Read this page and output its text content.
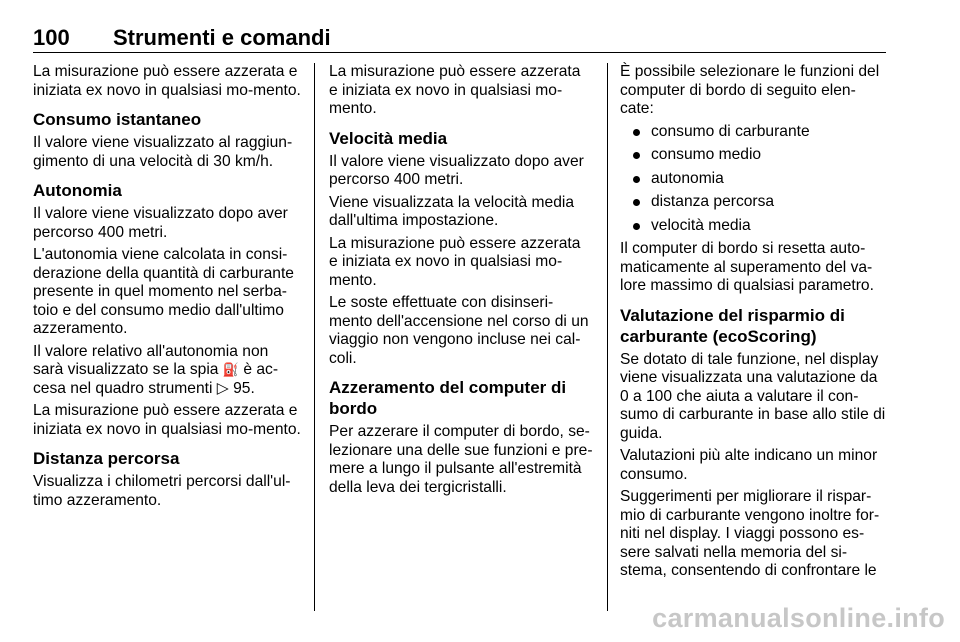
100 Strumenti e comandi

La misurazione può essere azzerata e iniziata ex novo in qualsiasi mo-mento.

Consumo istantaneo

Il valore viene visualizzato al raggiun-gimento di una velocità di 30 km/h.

Autonomia

Il valore viene visualizzato dopo aver percorso 400 metri.

L'autonomia viene calcolata in consi-derazione della quantità di carburante presente in quel momento nel serba-toio e del consumo medio dall'ultimo azzeramento.

Il valore relativo all'autonomia non sarà visualizzato se la spia ⛽ è ac-cesa nel quadro strumenti ▷ 95.

La misurazione può essere azzerata e iniziata ex novo in qualsiasi mo-mento.

Distanza percorsa

Visualizza i chilometri percorsi dall'ul-timo azzeramento.

La misurazione può essere azzerata e iniziata ex novo in qualsiasi mo-mento.

Velocità media

Il valore viene visualizzato dopo aver percorso 400 metri.

Viene visualizzata la velocità media dall'ultima impostazione.

La misurazione può essere azzerata e iniziata ex novo in qualsiasi mo-mento.

Le soste effettuate con disinseri-mento dell'accensione nel corso di un viaggio non vengono incluse nei cal-coli.

Azzeramento del computer di bordo

Per azzerare il computer di bordo, se-lezionare una delle sue funzioni e pre-mere a lungo il pulsante all'estremità della leva dei tergicristalli.

È possibile selezionare le funzioni del computer di bordo di seguito elen-cate:

consumo di carburante
consumo medio
autonomia
distanza percorsa
velocità media

Il computer di bordo si resetta auto-maticamente al superamento del va-lore massimo di qualsiasi parametro.

Valutazione del risparmio di carburante (ecoScoring)

Se dotato di tale funzione, nel display viene visualizzata una valutazione da 0 a 100 che aiuta a valutare il con-sumo di carburante in base allo stile di guida.

Valutazioni più alte indicano un minor consumo.

Suggerimenti per migliorare il rispar-mio di carburante vengono inoltre for-niti nel display. I viaggi possono es-sere salvati nella memoria del si-stema, consentendo di confrontare le

carmanualsonline.info
